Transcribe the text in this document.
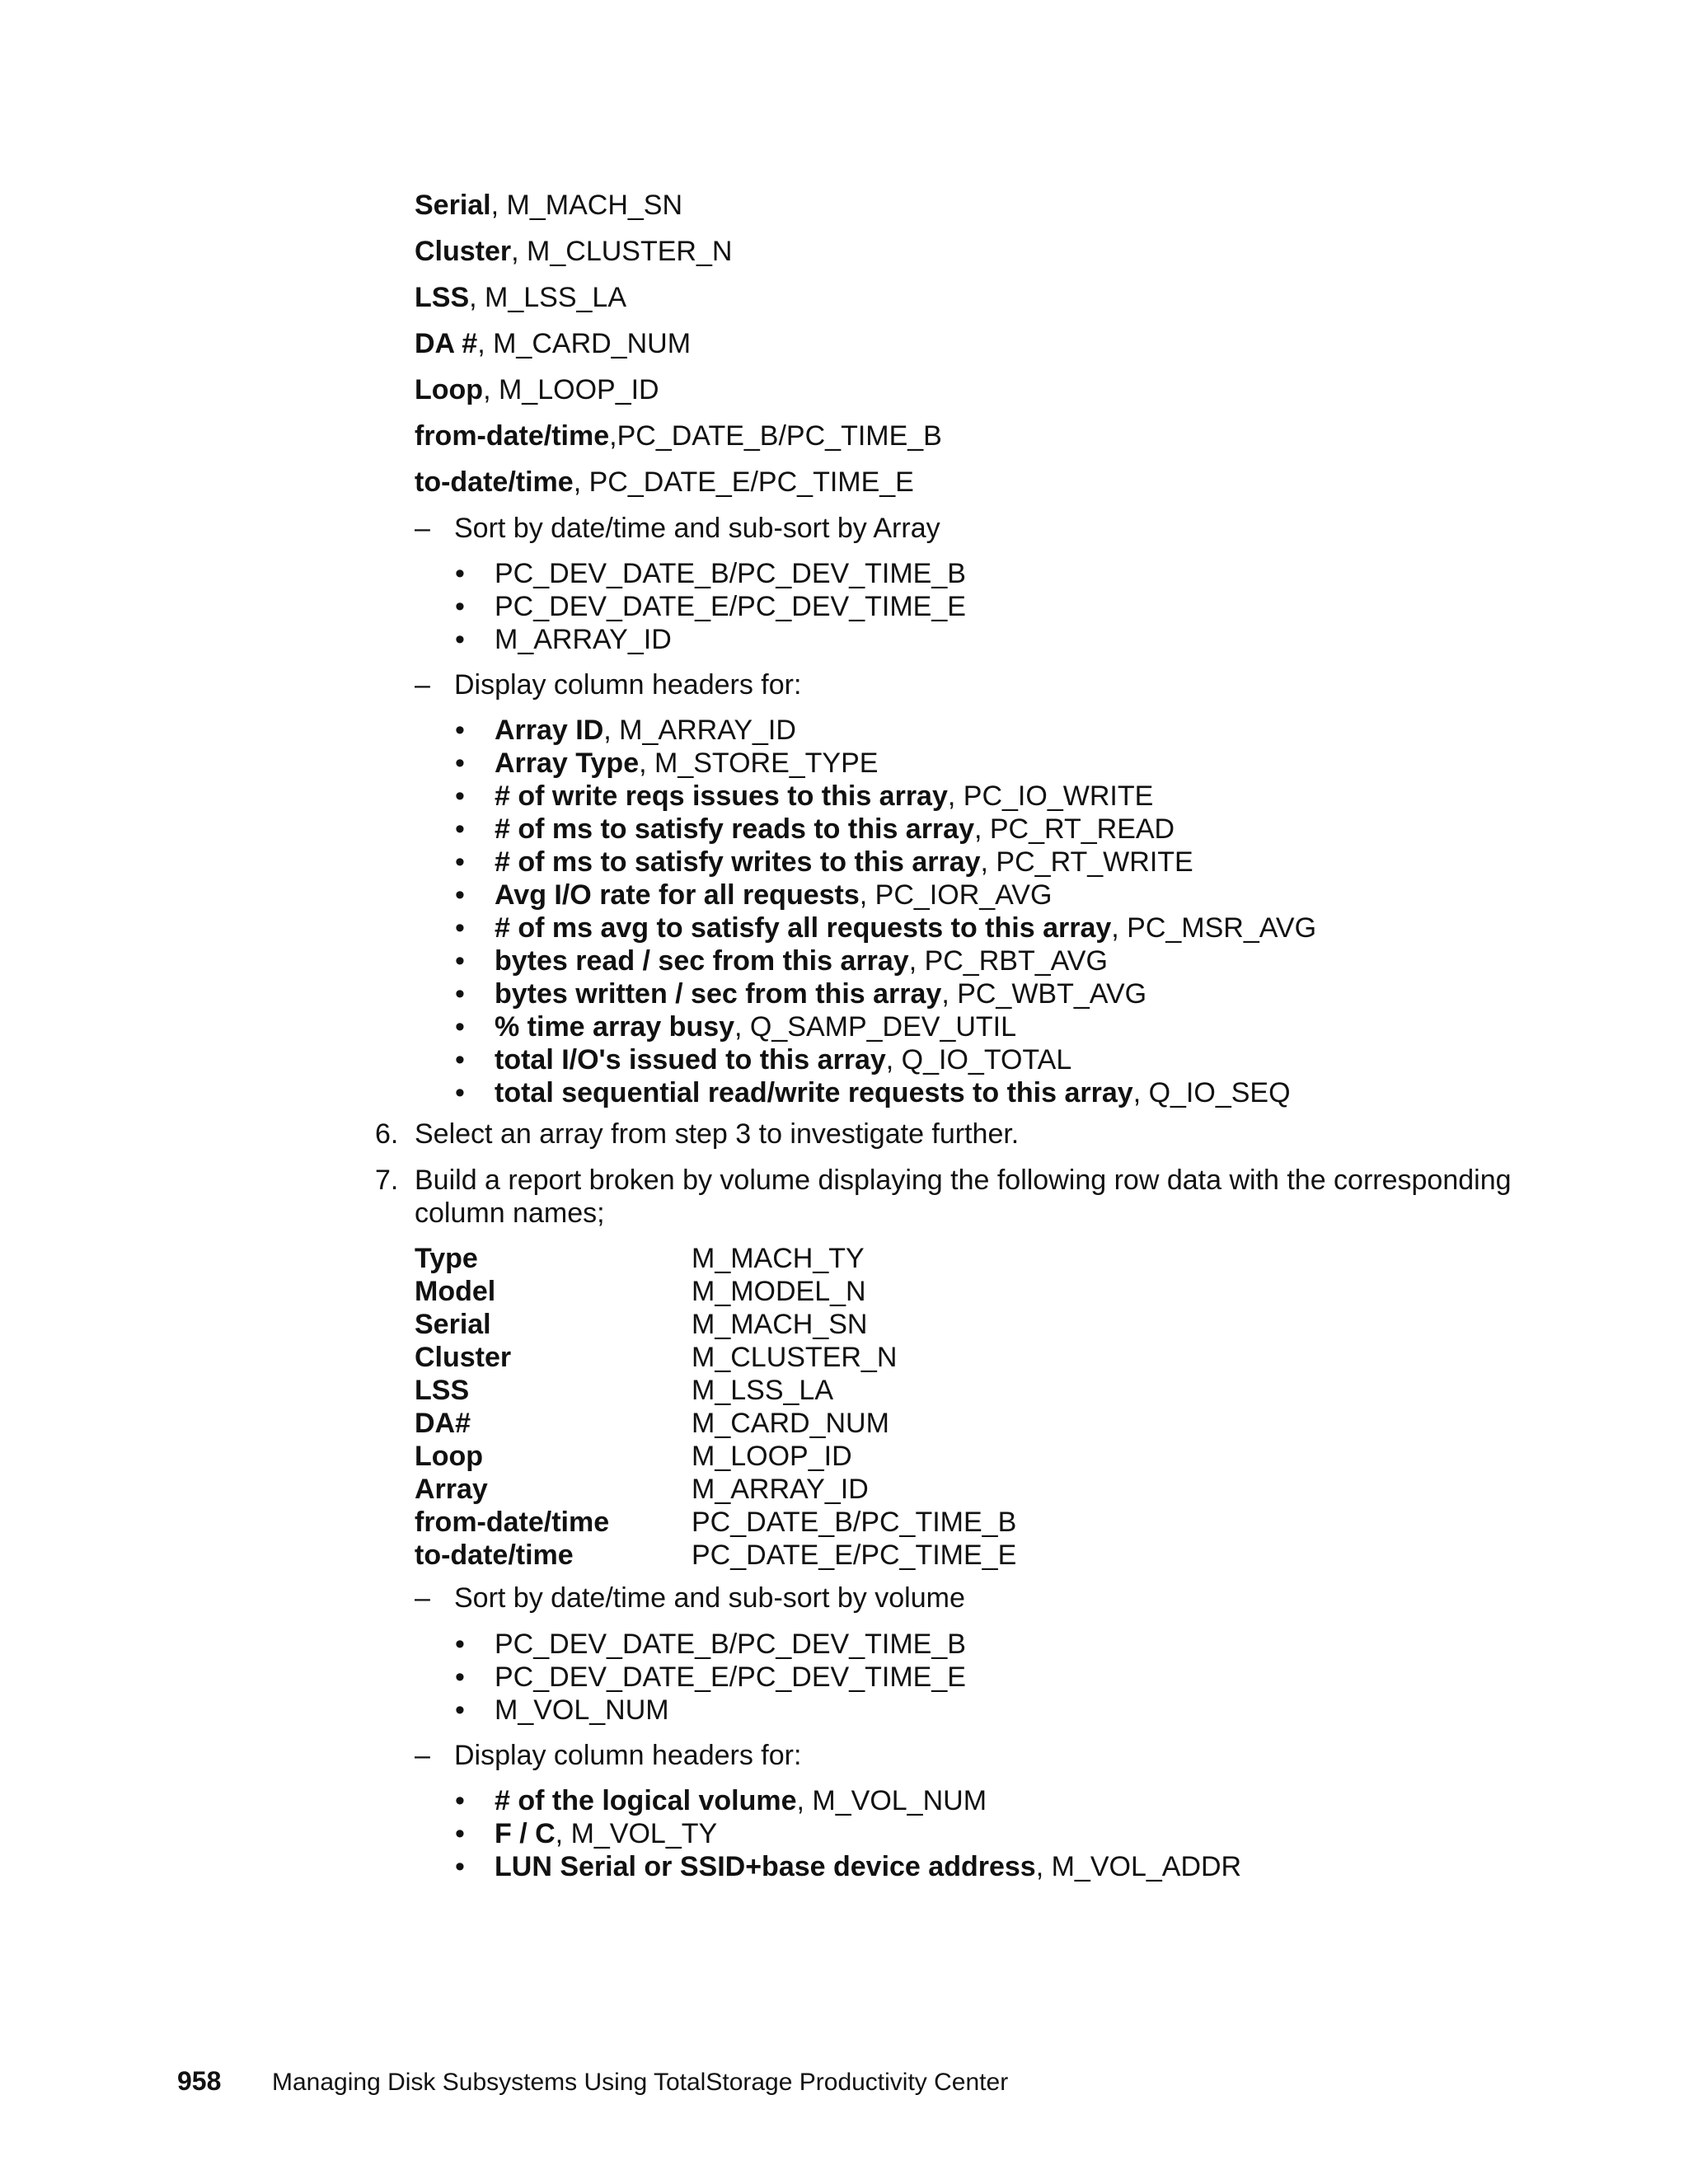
Serial, M_MACH_SN
Cluster, M_CLUSTER_N
LSS, M_LSS_LA
DA #, M_CARD_NUM
Loop, M_LOOP_ID
from-date/time,PC_DATE_B/PC_TIME_B
to-date/time, PC_DATE_E/PC_TIME_E
– Sort by date/time and sub-sort by Array
• PC_DEV_DATE_B/PC_DEV_TIME_B
• PC_DEV_DATE_E/PC_DEV_TIME_E
• M_ARRAY_ID
– Display column headers for:
• Array ID, M_ARRAY_ID
• Array Type, M_STORE_TYPE
• # of write reqs issues to this array, PC_IO_WRITE
• # of ms to satisfy reads to this array, PC_RT_READ
• # of ms to satisfy writes to this array, PC_RT_WRITE
• Avg I/O rate for all requests, PC_IOR_AVG
• # of ms avg to satisfy all requests to this array, PC_MSR_AVG
• bytes read / sec from this array, PC_RBT_AVG
• bytes written / sec from this array, PC_WBT_AVG
• % time array busy, Q_SAMP_DEV_UTIL
• total I/O's issued to this array, Q_IO_TOTAL
• total sequential read/write requests to this array, Q_IO_SEQ
6. Select an array from step 3 to investigate further.
7. Build a report broken by volume displaying the following row data with the corresponding column names;
Type	M_MACH_TY
Model	M_MODEL_N
Serial	M_MACH_SN
Cluster	M_CLUSTER_N
LSS	M_LSS_LA
DA#	M_CARD_NUM
Loop	M_LOOP_ID
Array	M_ARRAY_ID
from-date/time	PC_DATE_B/PC_TIME_B
to-date/time	PC_DATE_E/PC_TIME_E
– Sort by date/time and sub-sort by volume
• PC_DEV_DATE_B/PC_DEV_TIME_B
• PC_DEV_DATE_E/PC_DEV_TIME_E
• M_VOL_NUM
– Display column headers for:
• # of the logical volume, M_VOL_NUM
• F / C, M_VOL_TY
• LUN Serial or SSID+base device address, M_VOL_ADDR
958 Managing Disk Subsystems Using TotalStorage Productivity Center
